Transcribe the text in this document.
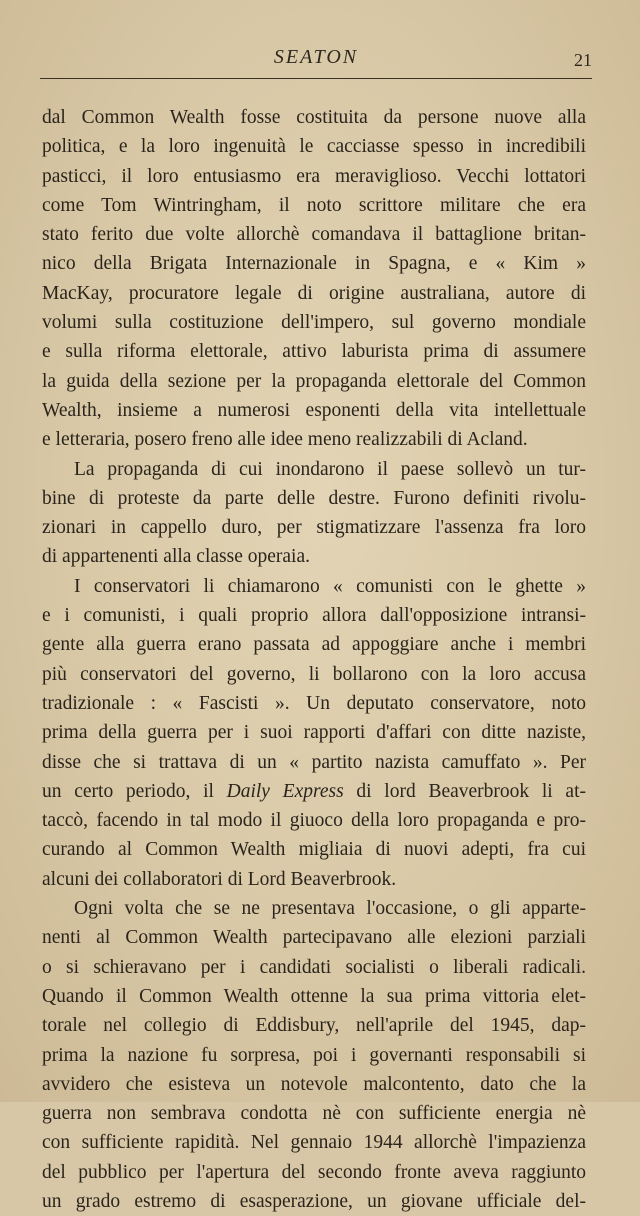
SEATON	21
dal Common Wealth fosse costituita da persone nuove alla
politica, e la loro ingenuità le cacciasse spesso in incredibili
pasticci, il loro entusiasmo era meraviglioso. Vecchi lottatori
come Tom Wintringham, il noto scrittore militare che era
stato ferito due volte allorchè comandava il battaglione britan-
nico della Brigata Internazionale in Spagna, e « Kim »
MacKay, procuratore legale di origine australiana, autore di
volumi sulla costituzione dell'impero, sul governo mondiale
e sulla riforma elettorale, attivo laburista prima di assumere
la guida della sezione per la propaganda elettorale del Common
Wealth, insieme a numerosi esponenti della vita intellettuale
e letteraria, posero freno alle idee meno realizzabili di Acland.
La propaganda di cui inondarono il paese sollevò un tur-
bine di proteste da parte delle destre. Furono definiti rivolu-
zionari in cappello duro, per stigmatizzare l'assenza fra loro
di appartenenti alla classe operaia.
I conservatori li chiamarono « comunisti con le ghette »
e i comunisti, i quali proprio allora dall'opposizione intransi-
gente alla guerra erano passata ad appoggiare anche i membri
più conservatori del governo, li bollarono con la loro accusa
tradizionale : « Fascisti ». Un deputato conservatore, noto
prima della guerra per i suoi rapporti d'affari con ditte naziste,
disse che si trattava di un « partito nazista camuffato ». Per
un certo periodo, il Daily Express di lord Beaverbrook li at-
taccò, facendo in tal modo il giuoco della loro propaganda e pro-
curando al Common Wealth migliaia di nuovi adepti, fra cui
alcuni dei collaboratori di Lord Beaverbrook.
Ogni volta che se ne presentava l'occasione, o gli apparte-
nenti al Common Wealth partecipavano alle elezioni parziali
o si schieravano per i candidati socialisti o liberali radicali.
Quando il Common Wealth ottenne la sua prima vittoria elet-
torale nel collegio di Eddisbury, nell'aprile del 1945, dap-
prima la nazione fu sorpresa, poi i governanti responsabili si
avvidero che esisteva un notevole malcontento, dato che la
guerra non sembrava condotta nè con sufficiente energia nè
con sufficiente rapidità. Nel gennaio 1944 allorchè l'impazienza
del pubblico per l'apertura del secondo fronte aveva raggiunto
un grado estremo di esasperazione, un giovane ufficiale del-
